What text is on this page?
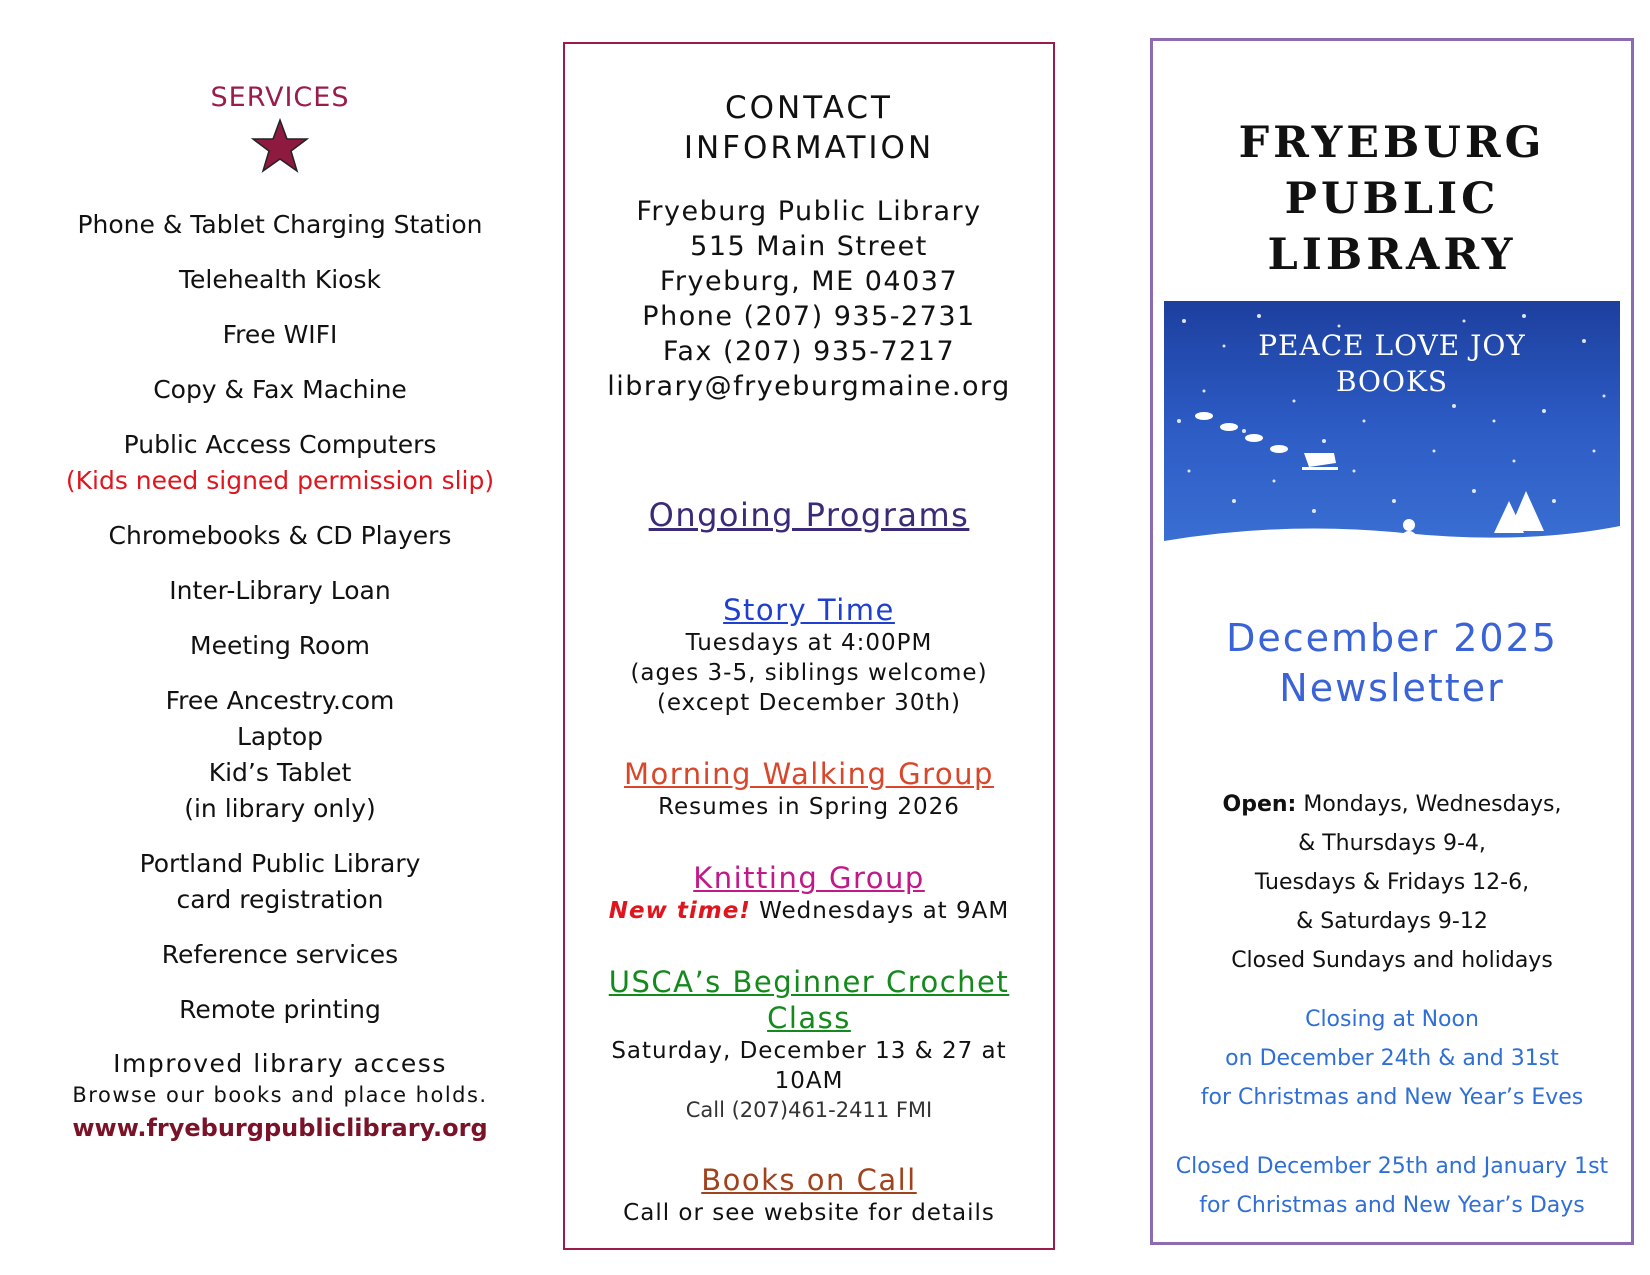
SERVICES
Phone & Tablet Charging Station
Telehealth Kiosk
Free WIFI
Copy & Fax Machine
Public Access Computers
(Kids need signed permission slip)
Chromebooks & CD Players
Inter-Library Loan
Meeting Room
Free Ancestry.com
Laptop
Kid’s Tablet
(in library only)
Portland Public Library
card registration
Reference services
Remote printing
Improved library access
Browse our books and place holds.
www.fryeburgpubliclibrary.org
CONTACT
INFORMATION
Fryeburg Public Library
515 Main Street
Fryeburg, ME 04037
Phone (207) 935-2731
Fax (207) 935-7217
library@fryeburgmaine.org
Ongoing Programs
Story Time
Tuesdays at 4:00PM
(ages 3-5, siblings welcome)
(except December 30th)
Morning Walking Group
Resumes in Spring 2026
Knitting Group
New time! Wednesdays at 9AM
USCA’s Beginner Crochet Class
Saturday, December 13 & 27 at 10AM
Call (207)461-2411 FMI
Books on Call
Call or see website for details
FRYEBURG
PUBLIC
LIBRARY
PEACE LOVE JOY
BOOKS
December 2025
Newsletter
Open: Mondays, Wednesdays,
& Thursdays 9-4,
Tuesdays & Fridays 12-6,
& Saturdays 9-12
Closed Sundays and holidays
Closing at Noon
on December 24th & and 31st
for Christmas and New Year’s Eves
Closed December 25th and January 1st
for Christmas and New Year’s Days
